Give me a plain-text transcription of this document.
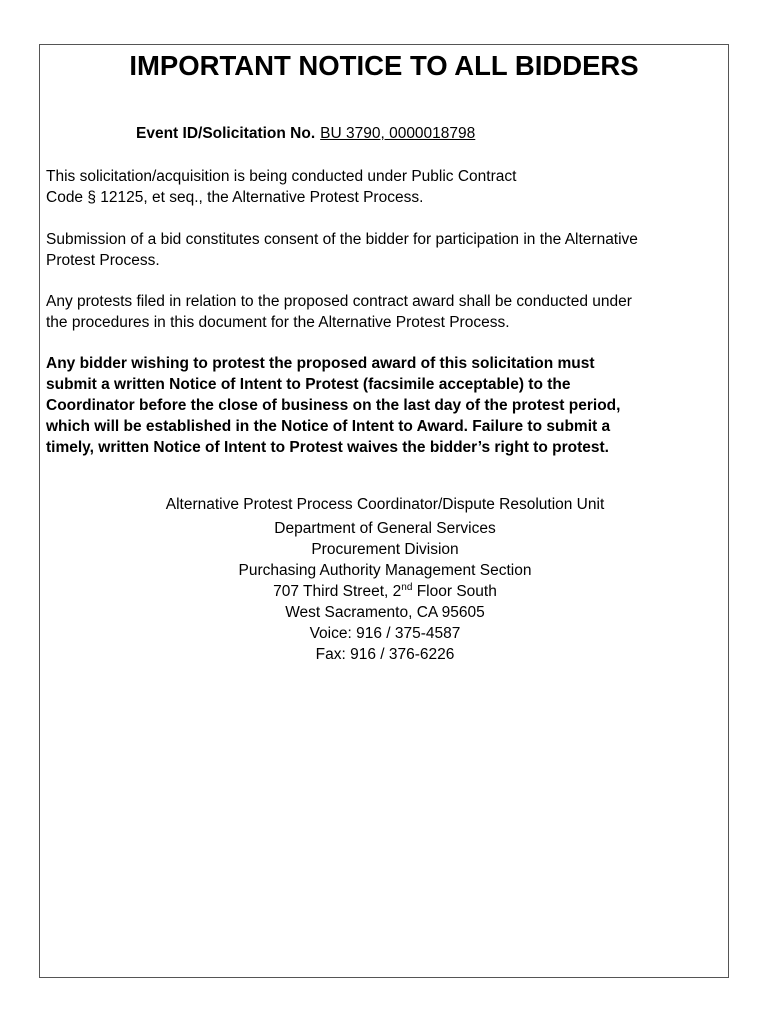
IMPORTANT NOTICE TO ALL BIDDERS
Event ID/Solicitation No. BU 3790, 0000018798
This solicitation/acquisition is being conducted under Public Contract
Code § 12125, et seq., the Alternative Protest Process.
Submission of a bid constitutes consent of the bidder for participation in the Alternative
Protest Process.
Any protests filed in relation to the proposed contract award shall be conducted under
the procedures in this document for the Alternative Protest Process.
Any bidder wishing to protest the proposed award of this solicitation must
submit a written Notice of Intent to Protest (facsimile acceptable) to the
Coordinator before the close of business on the last day of the protest period,
which will be established in the Notice of Intent to Award. Failure to submit a
timely, written Notice of Intent to Protest waives the bidder’s right to protest.
Alternative Protest Process Coordinator/Dispute Resolution Unit
Department of General Services
Procurement Division
Purchasing Authority Management Section
707 Third Street, 2nd Floor South
West Sacramento, CA 95605
Voice: 916 / 375-4587
Fax: 916 / 376-6226
